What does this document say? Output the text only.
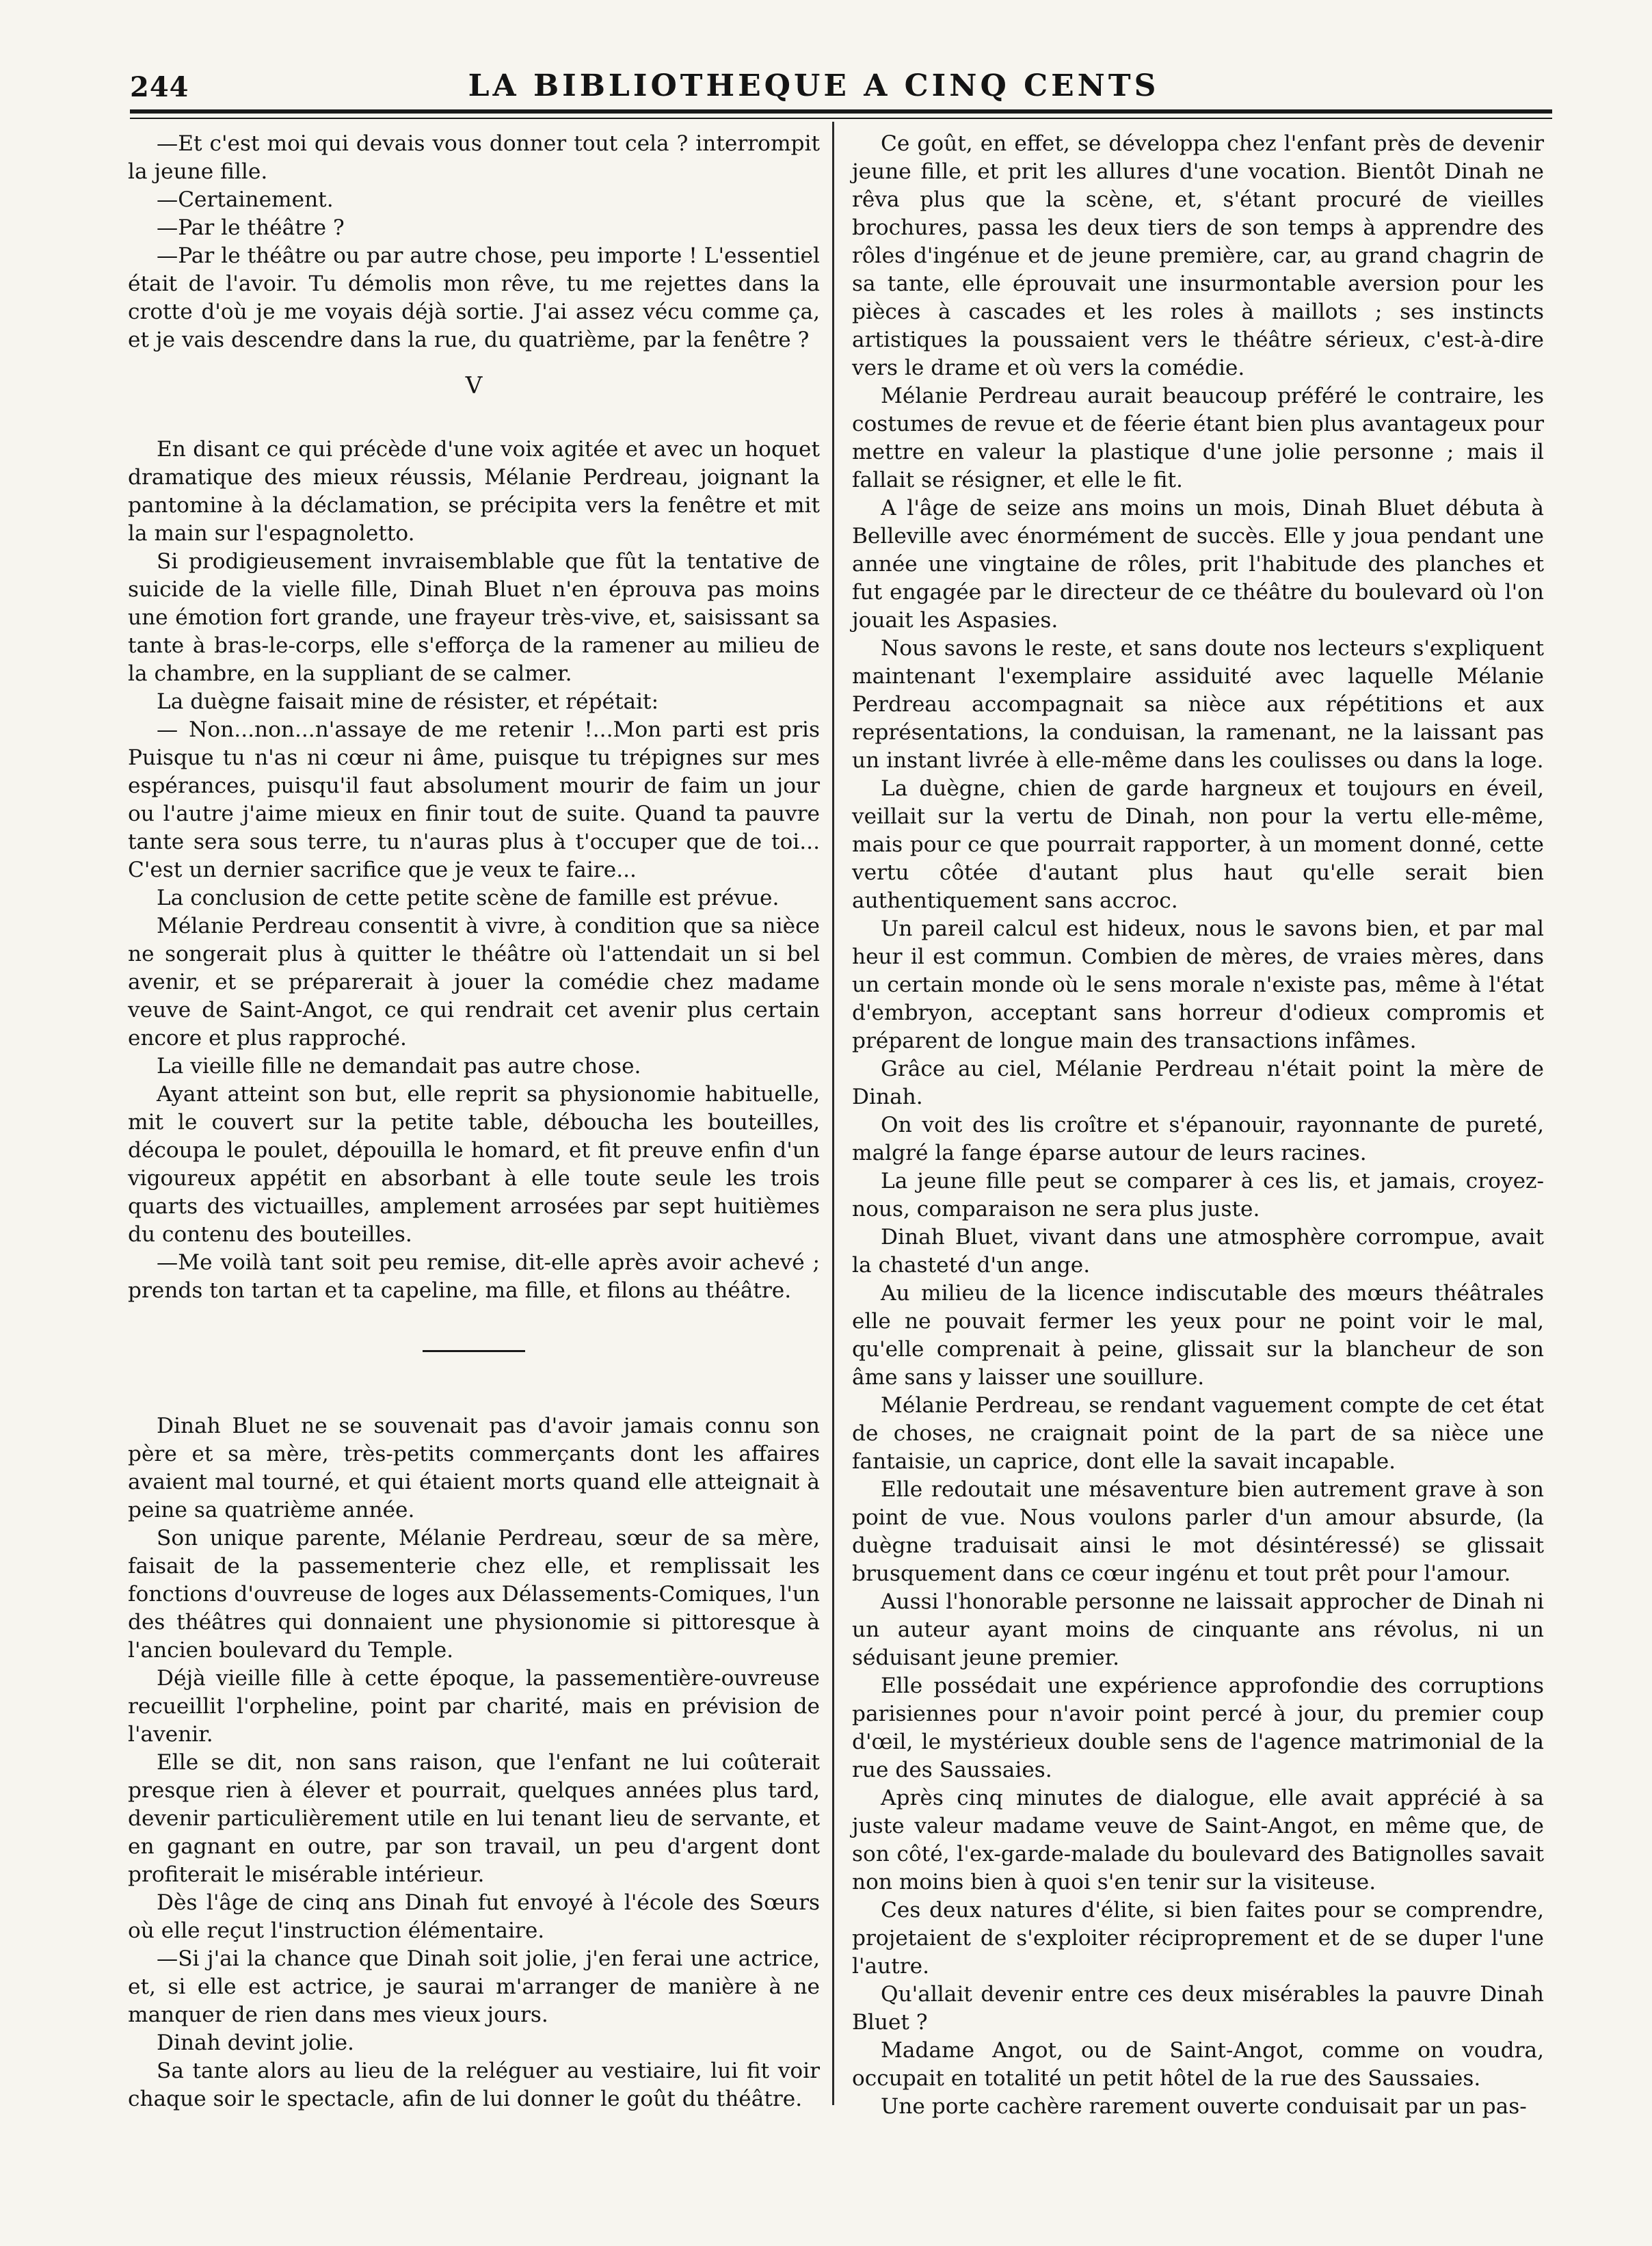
244	LA BIBLIOTHEQUE A CINQ CENTS

—Et c'est moi qui devais vous donner tout cela ? interrompit la jeune fille.

—Certainement.

—Par le théâtre ?

—Par le théâtre ou par autre chose, peu importe ! L'essentiel était de l'avoir. Tu démolis mon rêve, tu me rejettes dans la crotte d'où je me voyais déjà sortie. J'ai assez vécu comme ça, et je vais descendre dans la rue, du quatrième, par la fenêtre ?

V

En disant ce qui précède d'une voix agitée et avec un hoquet dramatique des mieux réussis, Mélanie Perdreau, joignant la pantomine à la déclamation, se précipita vers la fenêtre et mit la main sur l'espagnoletto.

Si prodigieusement invraisemblable que fût la tentative de suicide de la vielle fille, Dinah Bluet n'en éprouva pas moins une émotion fort grande, une frayeur très-vive, et, saisissant sa tante à bras-le-corps, elle s'efforça de la ramener au milieu de la chambre, en la suppliant de se calmer.

La duègne faisait mine de résister, et répétait:

— Non...non...n'assaye de me retenir !...Mon parti est pris Puisque tu n'as ni cœur ni âme, puisque tu trépignes sur mes espérances, puisqu'il faut absolument mourir de faim un jour ou l'autre j'aime mieux en finir tout de suite. Quand ta pauvre tante sera sous terre, tu n'auras plus à t'occuper que de toi... C'est un dernier sacrifice que je veux te faire...

La conclusion de cette petite scène de famille est prévue.

Mélanie Perdreau consentit à vivre, à condition que sa nièce ne songerait plus à quitter le théâtre où l'attendait un si bel avenir, et se préparerait à jouer la comédie chez madame veuve de Saint-Angot, ce qui rendrait cet avenir plus certain encore et plus rapproché.

La vieille fille ne demandait pas autre chose.

Ayant atteint son but, elle reprit sa physionomie habituelle, mit le couvert sur la petite table, déboucha les bouteilles, découpa le poulet, dépouilla le homard, et fit preuve enfin d'un vigoureux appétit en absorbant à elle toute seule les trois quarts des victuailles, amplement arrosées par sept huitièmes du contenu des bouteilles.

—Me voilà tant soit peu remise, dit-elle après avoir achevé ; prends ton tartan et ta capeline, ma fille, et filons au théâtre.

Dinah Bluet ne se souvenait pas d'avoir jamais connu son père et sa mère, très-petits commerçants dont les affaires avaient mal tourné, et qui étaient morts quand elle atteignait à peine sa quatrième année.

Son unique parente, Mélanie Perdreau, sœur de sa mère, faisait de la passementerie chez elle, et remplissait les fonctions d'ouvreuse de loges aux Délassements-Comiques, l'un des théâtres qui donnaient une physionomie si pittoresque à l'ancien boulevard du Temple.

Déjà vieille fille à cette époque, la passementière-ouvreuse recueillit l'orpheline, point par charité, mais en prévision de l'avenir.

Elle se dit, non sans raison, que l'enfant ne lui coûterait presque rien à élever et pourrait, quelques années plus tard, devenir particulièrement utile en lui tenant lieu de servante, et en gagnant en outre, par son travail, un peu d'argent dont profiterait le misérable intérieur.

Dès l'âge de cinq ans Dinah fut envoyé à l'école des Sœurs où elle reçut l'instruction élémentaire.

—Si j'ai la chance que Dinah soit jolie, j'en ferai une actrice, et, si elle est actrice, je saurai m'arranger de manière à ne manquer de rien dans mes vieux jours.

Dinah devint jolie.

Sa tante alors au lieu de la reléguer au vestiaire, lui fit voir chaque soir le spectacle, afin de lui donner le goût du théâtre.

Ce goût, en effet, se développa chez l'enfant près de devenir jeune fille, et prit les allures d'une vocation. Bientôt Dinah ne rêva plus que la scène, et, s'étant procuré de vieilles brochures, passa les deux tiers de son temps à apprendre des rôles d'ingénue et de jeune première, car, au grand chagrin de sa tante, elle éprouvait une insurmontable aversion pour les pièces à cascades et les roles à maillots ; ses instincts artistiques la poussaient vers le théâtre sérieux, c'est-à-dire vers le drame et où vers la comédie.

Mélanie Perdreau aurait beaucoup préféré le contraire, les costumes de revue et de féerie étant bien plus avantageux pour mettre en valeur la plastique d'une jolie personne ; mais il fallait se résigner, et elle le fit.

A l'âge de seize ans moins un mois, Dinah Bluet débuta à Belleville avec énormément de succès. Elle y joua pendant une année une vingtaine de rôles, prit l'habitude des planches et fut engagée par le directeur de ce théâtre du boulevard où l'on jouait les Aspasies.

Nous savons le reste, et sans doute nos lecteurs s'expliquent maintenant l'exemplaire assiduité avec laquelle Mélanie Perdreau accompagnait sa nièce aux répétitions et aux représentations, la conduisan, la ramenant, ne la laissant pas un instant livrée à elle-même dans les coulisses ou dans la loge.

La duègne, chien de garde hargneux et toujours en éveil, veillait sur la vertu de Dinah, non pour la vertu elle-même, mais pour ce que pourrait rapporter, à un moment donné, cette vertu côtée d'autant plus haut qu'elle serait bien authentiquement sans accroc.

Un pareil calcul est hideux, nous le savons bien, et par mal heur il est commun. Combien de mères, de vraies mères, dans un certain monde où le sens morale n'existe pas, même à l'état d'embryon, acceptant sans horreur d'odieux compromis et préparent de longue main des transactions infâmes.

Grâce au ciel, Mélanie Perdreau n'était point la mère de Dinah.

On voit des lis croître et s'épanouir, rayonnante de pureté, malgré la fange éparse autour de leurs racines.

La jeune fille peut se comparer à ces lis, et jamais, croyez-nous, comparaison ne sera plus juste.

Dinah Bluet, vivant dans une atmosphère corrompue, avait la chasteté d'un ange.

Au milieu de la licence indiscutable des mœurs théâtrales elle ne pouvait fermer les yeux pour ne point voir le mal, qu'elle comprenait à peine, glissait sur la blancheur de son âme sans y laisser une souillure.

Mélanie Perdreau, se rendant vaguement compte de cet état de choses, ne craignait point de la part de sa nièce une fantaisie, un caprice, dont elle la savait incapable.

Elle redoutait une mésaventure bien autrement grave à son point de vue. Nous voulons parler d'un amour absurde, (la duègne traduisait ainsi le mot désintéressé) se glissait brusquement dans ce cœur ingénu et tout prêt pour l'amour.

Aussi l'honorable personne ne laissait approcher de Dinah ni un auteur ayant moins de cinquante ans révolus, ni un séduisant jeune premier.

Elle possédait une expérience approfondie des corruptions parisiennes pour n'avoir point percé à jour, du premier coup d'œil, le mystérieux double sens de l'agence matrimonial de la rue des Saussaies.

Après cinq minutes de dialogue, elle avait apprécié à sa juste valeur madame veuve de Saint-Angot, en même que, de son côté, l'ex-garde-malade du boulevard des Batignolles savait non moins bien à quoi s'en tenir sur la visiteuse.

Ces deux natures d'élite, si bien faites pour se comprendre, projetaient de s'exploiter réciproprement et de se duper l'une l'autre.

Qu'allait devenir entre ces deux misérables la pauvre Dinah Bluet ?

Madame Angot, ou de Saint-Angot, comme on voudra, occupait en totalité un petit hôtel de la rue des Saussaies.

Une porte cachère rarement ouverte conduisait par un pas-
